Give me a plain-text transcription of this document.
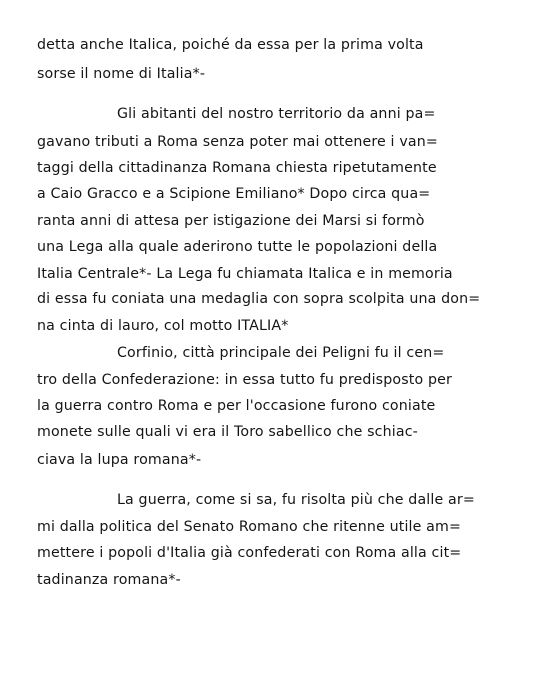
detta anche Italica, poiché da essa per la prima volta
sorse il nome di Italia*-
Gli abitanti del nostro territorio da anni pa=
gavano tributi a Roma senza poter mai ottenere i van=
taggi della cittadinanza Romana chiesta ripetutamente
a Caio Gracco e a Scipione Emiliano* Dopo circa qua=
ranta anni di attesa per istigazione dei Marsi si formò
una Lega alla quale aderirono tutte le popolazioni della
Italia Centrale*- La Lega fu chiamata Italica e in memoria
di essa fu coniata una medaglia con sopra scolpita una don=
na cinta di lauro, col motto ITALIA*
Corfinio, città principale dei Peligni fu il cen=
tro della Confederazione: in essa tutto fu predisposto per
la guerra contro Roma e per l'occasione furono coniate
monete sulle quali vi era il Toro sabellico che schiac-
ciava la lupa romana*-
La guerra, come si sa, fu risolta più che dalle ar=
mi dalla politica del Senato Romano che ritenne utile am=
mettere i popoli d'Italia già confederati con Roma alla cit=
tadinanza romana*-
